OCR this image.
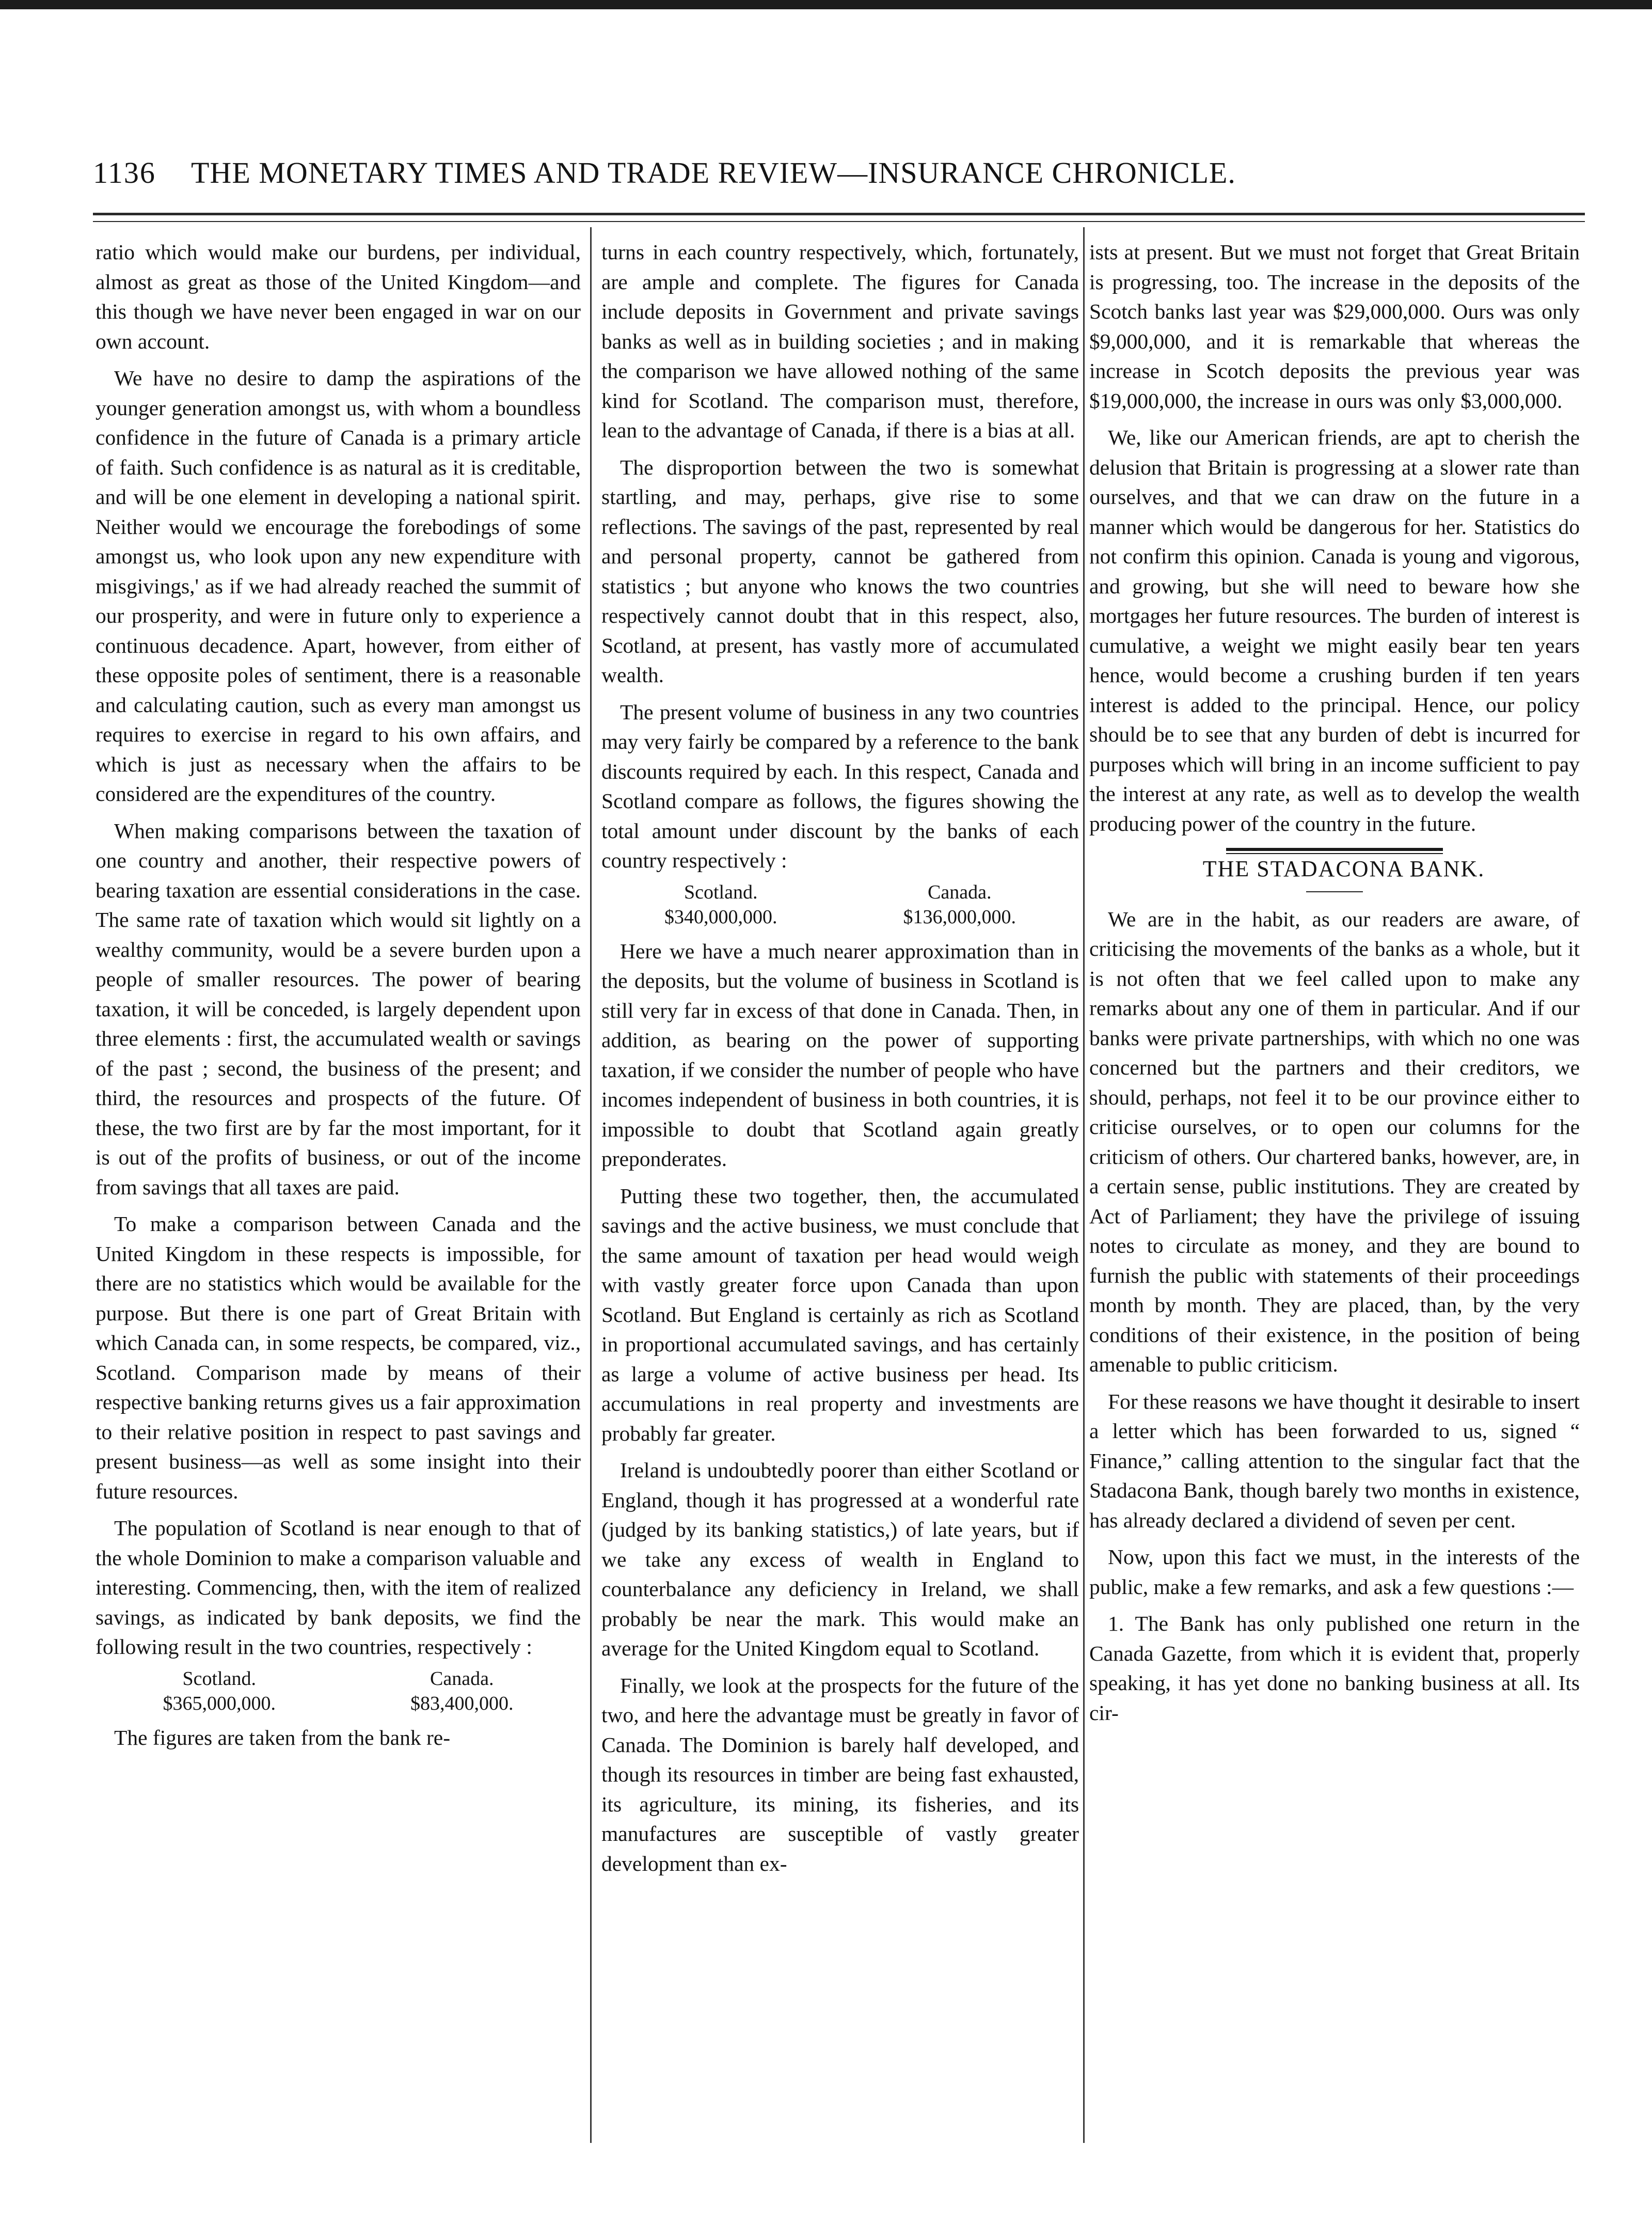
1136 THE MONETARY TIMES AND TRADE REVIEW—INSURANCE CHRONICLE.

ratio which would make our burdens, per individual, almost as great as those of the United Kingdom—and this though we have never been engaged in war on our own account.

We have no desire to damp the aspirations of the younger generation amongst us, with whom a boundless confidence in the future of Canada is a primary article of faith. Such confidence is as natural as it is creditable, and will be one element in developing a national spirit. Neither would we encourage the forebodings of some amongst us, who look upon any new expenditure with misgivings,' as if we had already reached the summit of our prosperity, and were in future only to experience a continuous decadence. Apart, however, from either of these opposite poles of sentiment, there is a reasonable and calculating caution, such as every man amongst us requires to exercise in regard to his own affairs, and which is just as necessary when the affairs to be considered are the expenditures of the country.

When making comparisons between the taxation of one country and another, their respective powers of bearing taxation are essential considerations in the case. The same rate of taxation which would sit lightly on a wealthy community, would be a severe burden upon a people of smaller resources. The power of bearing taxation, it will be conceded, is largely dependent upon three elements : first, the accumulated wealth or savings of the past ; second, the business of the present; and third, the resources and prospects of the future. Of these, the two first are by far the most important, for it is out of the profits of business, or out of the income from savings that all taxes are paid.

To make a comparison between Canada and the United Kingdom in these respects is impossible, for there are no statistics which would be available for the purpose. But there is one part of Great Britain with which Canada can, in some respects, be compared, viz., Scotland. Comparison made by means of their respective banking returns gives us a fair approximation to their relative position in respect to past savings and present business—as well as some insight into their future resources.

The population of Scotland is near enough to that of the whole Dominion to make a comparison valuable and interesting. Commencing, then, with the item of realized savings, as indicated by bank deposits, we find the following result in the two countries, respectively :

Scotland.
$365,000,000.
Canada.
$83,400,000.

The figures are taken from the bank re-

turns in each country respectively, which, fortunately, are ample and complete. The figures for Canada include deposits in Government and private savings banks as well as in building societies ; and in making the comparison we have allowed nothing of the same kind for Scotland. The comparison must, therefore, lean to the advantage of Canada, if there is a bias at all.

The disproportion between the two is somewhat startling, and may, perhaps, give rise to some reflections. The savings of the past, represented by real and personal property, cannot be gathered from statistics ; but anyone who knows the two countries respectively cannot doubt that in this respect, also, Scotland, at present, has vastly more of accumulated wealth.

The present volume of business in any two countries may very fairly be compared by a reference to the bank discounts required by each. In this respect, Canada and Scotland compare as follows, the figures showing the total amount under discount by the banks of each country respectively :

Scotland.
$340,000,000.
Canada.
$136,000,000.

Here we have a much nearer approximation than in the deposits, but the volume of business in Scotland is still very far in excess of that done in Canada. Then, in addition, as bearing on the power of supporting taxation, if we consider the number of people who have incomes independent of business in both countries, it is impossible to doubt that Scotland again greatly preponderates.

Putting these two together, then, the accumulated savings and the active business, we must conclude that the same amount of taxation per head would weigh with vastly greater force upon Canada than upon Scotland. But England is certainly as rich as Scotland in proportional accumulated savings, and has certainly as large a volume of active business per head. Its accumulations in real property and investments are probably far greater.

Ireland is undoubtedly poorer than either Scotland or England, though it has progressed at a wonderful rate (judged by its banking statistics,) of late years, but if we take any excess of wealth in England to counterbalance any deficiency in Ireland, we shall probably be near the mark. This would make an average for the United Kingdom equal to Scotland.

Finally, we look at the prospects for the future of the two, and here the advantage must be greatly in favor of Canada. The Dominion is barely half developed, and though its resources in timber are being fast exhausted, its agriculture, its mining, its fisheries, and its manufactures are susceptible of vastly greater development than ex-

ists at present. But we must not forget that Great Britain is progressing, too. The increase in the deposits of the Scotch banks last year was $29,000,000. Ours was only $9,000,000, and it is remarkable that whereas the increase in Scotch deposits the previous year was $19,000,000, the increase in ours was only $3,000,000.

We, like our American friends, are apt to cherish the delusion that Britain is progressing at a slower rate than ourselves, and that we can draw on the future in a manner which would be dangerous for her. Statistics do not confirm this opinion. Canada is young and vigorous, and growing, but she will need to beware how she mortgages her future resources. The burden of interest is cumulative, a weight we might easily bear ten years hence, would become a crushing burden if ten years interest is added to the principal. Hence, our policy should be to see that any burden of debt is incurred for purposes which will bring in an income sufficient to pay the interest at any rate, as well as to develop the wealth producing power of the country in the future.

THE STADACONA BANK.

We are in the habit, as our readers are aware, of criticising the movements of the banks as a whole, but it is not often that we feel called upon to make any remarks about any one of them in particular. And if our banks were private partnerships, with which no one was concerned but the partners and their creditors, we should, perhaps, not feel it to be our province either to criticise ourselves, or to open our columns for the criticism of others. Our chartered banks, however, are, in a certain sense, public institutions. They are created by Act of Parliament; they have the privilege of issuing notes to circulate as money, and they are bound to furnish the public with statements of their proceedings month by month. They are placed, than, by the very conditions of their existence, in the position of being amenable to public criticism.

For these reasons we have thought it desirable to insert a letter which has been forwarded to us, signed “ Finance,” calling attention to the singular fact that the Stadacona Bank, though barely two months in existence, has already declared a dividend of seven per cent.

Now, upon this fact we must, in the interests of the public, make a few remarks, and ask a few questions :—

1. The Bank has only published one return in the Canada Gazette, from which it is evident that, properly speaking, it has yet done no banking business at all. Its cir-
